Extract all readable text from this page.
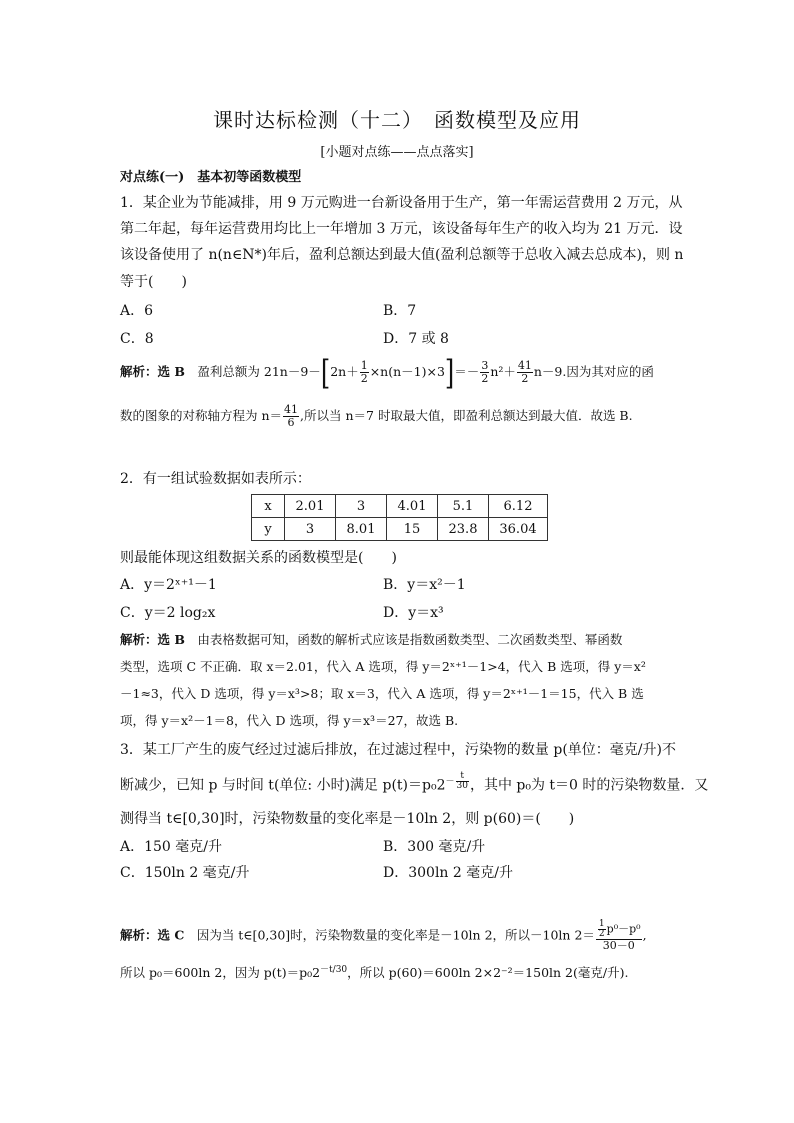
课时达标检测（十二）　函数模型及应用
[小题对点练——点点落实]
对点练(一)　基本初等函数模型
1．某企业为节能减排，用 9 万元购进一台新设备用于生产，第一年需运营费用 2 万元，从
第二年起，每年运营费用均比上一年增加 3 万元，该设备每年生产的收入均为 21 万元．设
该设备使用了 n(n∈N*)年后，盈利总额达到最大值(盈利总额等于总收入减去总成本)，则 n
等于(　　)
A．6	B．7
C．8	D．7 或 8
解析：选 B　盈利总额为 $21n-9-[2n+ \frac{1}{2} \times n(n-1)\times 3]=- \frac{3}{2} n^2+ \frac{41}{2} n-9$.因为其对应的函
数的图象的对称轴方程为 $n= \frac{41}{6}$ ,所以当 n＝7 时取最大值，即盈利总额达到最大值．故选 B.
2．有一组试验数据如表所示：
x	2.01	3	4.01	5.1	6.12
y	3	8.01	15	23.8	36.04
则最能体现这组数据关系的函数模型是(　　)
A．y＝2ˣ⁺¹－1	B．y＝x²－1
C．y＝2 log₂x	D．y＝x³
解析：选 B　由表格数据可知，函数的解析式应该是指数函数类型、二次函数类型、幂函数
类型，选项 C 不正确．取 x＝2.01，代入 A 选项，得 y＝2ˣ⁺¹－1>4，代入 B 选项，得 y＝x²
－1≈3，代入 D 选项，得 y＝x³>8；取 x＝3，代入 A 选项，得 y＝2ˣ⁺¹－1＝15，代入 B 选
项，得 y＝x²－1＝8，代入 D 选项，得 y＝x³＝27，故选 B.
3．某工厂产生的废气经过过滤后排放，在过滤过程中，污染物的数量 p(单位：毫克/升)不
断减少，已知 p 与时间 t(单位: 小时)满足 $p(t)=p_02^{- \frac{t}{30}}$ ，其中 p₀为 t＝0 时的污染物数量．又
测得当 t∈[0,30]时，污染物数量的变化率是－10ln 2，则 p(60)＝(　　)
A．150 毫克/升	B．300 毫克/升
C．150ln 2 毫克/升	D．300ln 2 毫克/升
解析：选 C　因为当 t∈[0,30]时，污染物数量的变化率是－10ln 2，所以－10ln $2= \frac{\frac{1}{2} p^0-p^0}{30-0}$ ,
所以 p₀＝600ln 2，因为 $p(t)=p_02^{-t/30}$，所以 p(60)＝600ln 2×2⁻²＝150ln 2(毫克/升).
